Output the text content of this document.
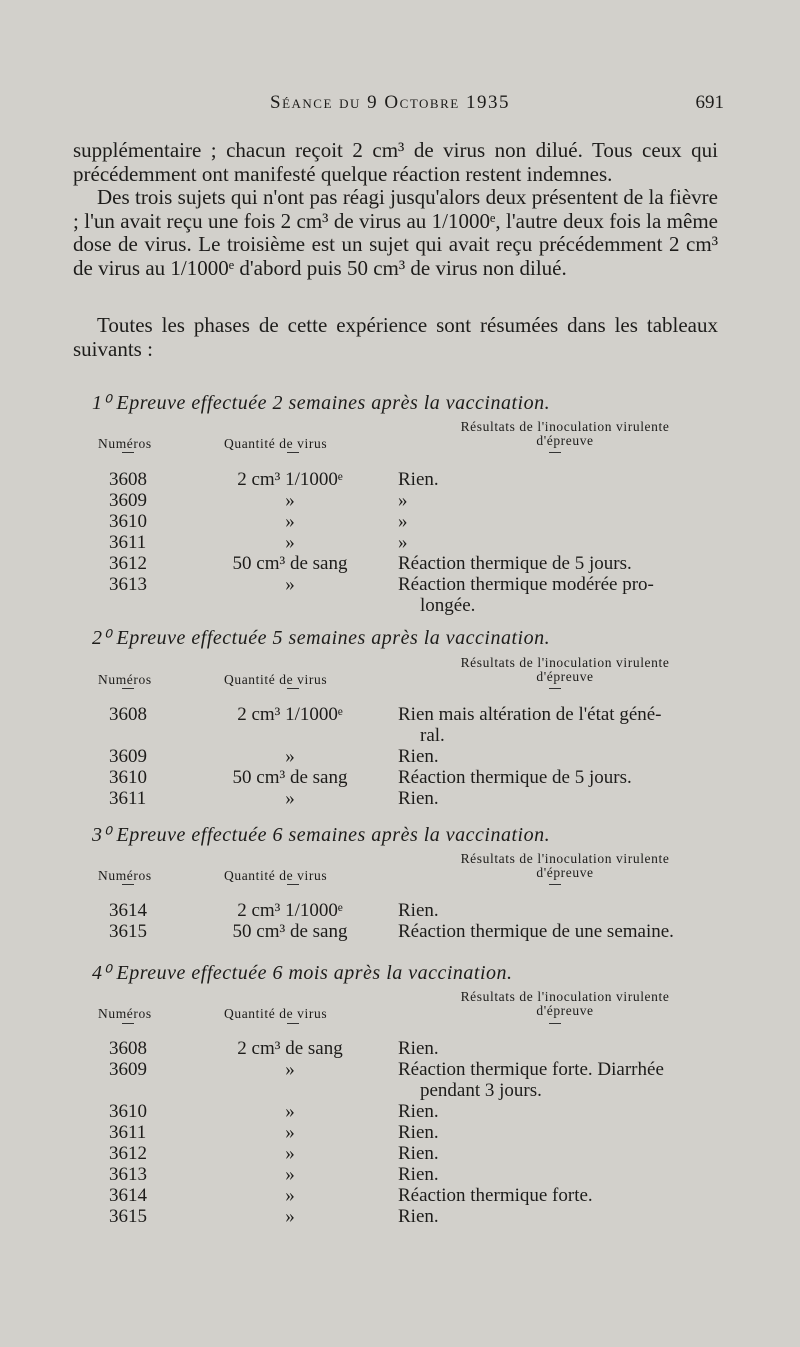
Séance du 9 Octobre 1935	691

supplémentaire ; chacun reçoit 2 cm³ de virus non dilué. Tous ceux qui précédemment ont manifesté quelque réaction restent indemnes.

Des trois sujets qui n'ont pas réagi jusqu'alors deux présentent de la fièvre ; l'un avait reçu une fois 2 cm³ de virus au 1/1000ᵉ, l'autre deux fois la même dose de virus. Le troisième est un sujet qui avait reçu précédemment 2 cm³ de virus au 1/1000ᵉ d'abord puis 50 cm³ de virus non dilué.

Toutes les phases de cette expérience sont résumées dans les tableaux suivants :

1⁰ Epreuve effectuée 2 semaines après la vaccination.
Numéros	Quantité de virus
Résultats de l'inoculation virulente
d'épreuve
3608	2 cm³ 1/1000ᵉ	Rien.
3609	»	»
3610	»	»
3611	»	»
3612	50 cm³ de sang	Réaction thermique de 5 jours.
3613	»	Réaction thermique modérée pro-
longée.
2⁰ Epreuve effectuée 5 semaines après la vaccination.
Numéros	Quantité de virus
Résultats de l'inoculation virulente
d'épreuve
3608	2 cm³ 1/1000ᵉ	Rien mais altération de l'état géné-
ral.
3609	»	Rien.
3610	50 cm³ de sang	Réaction thermique de 5 jours.
3611	»	Rien.
3⁰ Epreuve effectuée 6 semaines après la vaccination.
Numéros	Quantité de virus
Résultats de l'inoculation virulente
d'épreuve
3614	2 cm³ 1/1000ᵉ	Rien.
3615	50 cm³ de sang	Réaction thermique de une semaine.
4⁰ Epreuve effectuée 6 mois après la vaccination.
Numéros	Quantité de virus
Résultats de l'inoculation virulente
d'épreuve
3608	2 cm³ de sang	Rien.
3609	»	Réaction thermique forte. Diarrhée
pendant 3 jours.
3610	»	Rien.
3611	»	Rien.
3612	»	Rien.
3613	»	Rien.
3614	»	Réaction thermique forte.
3615	»	Rien.
